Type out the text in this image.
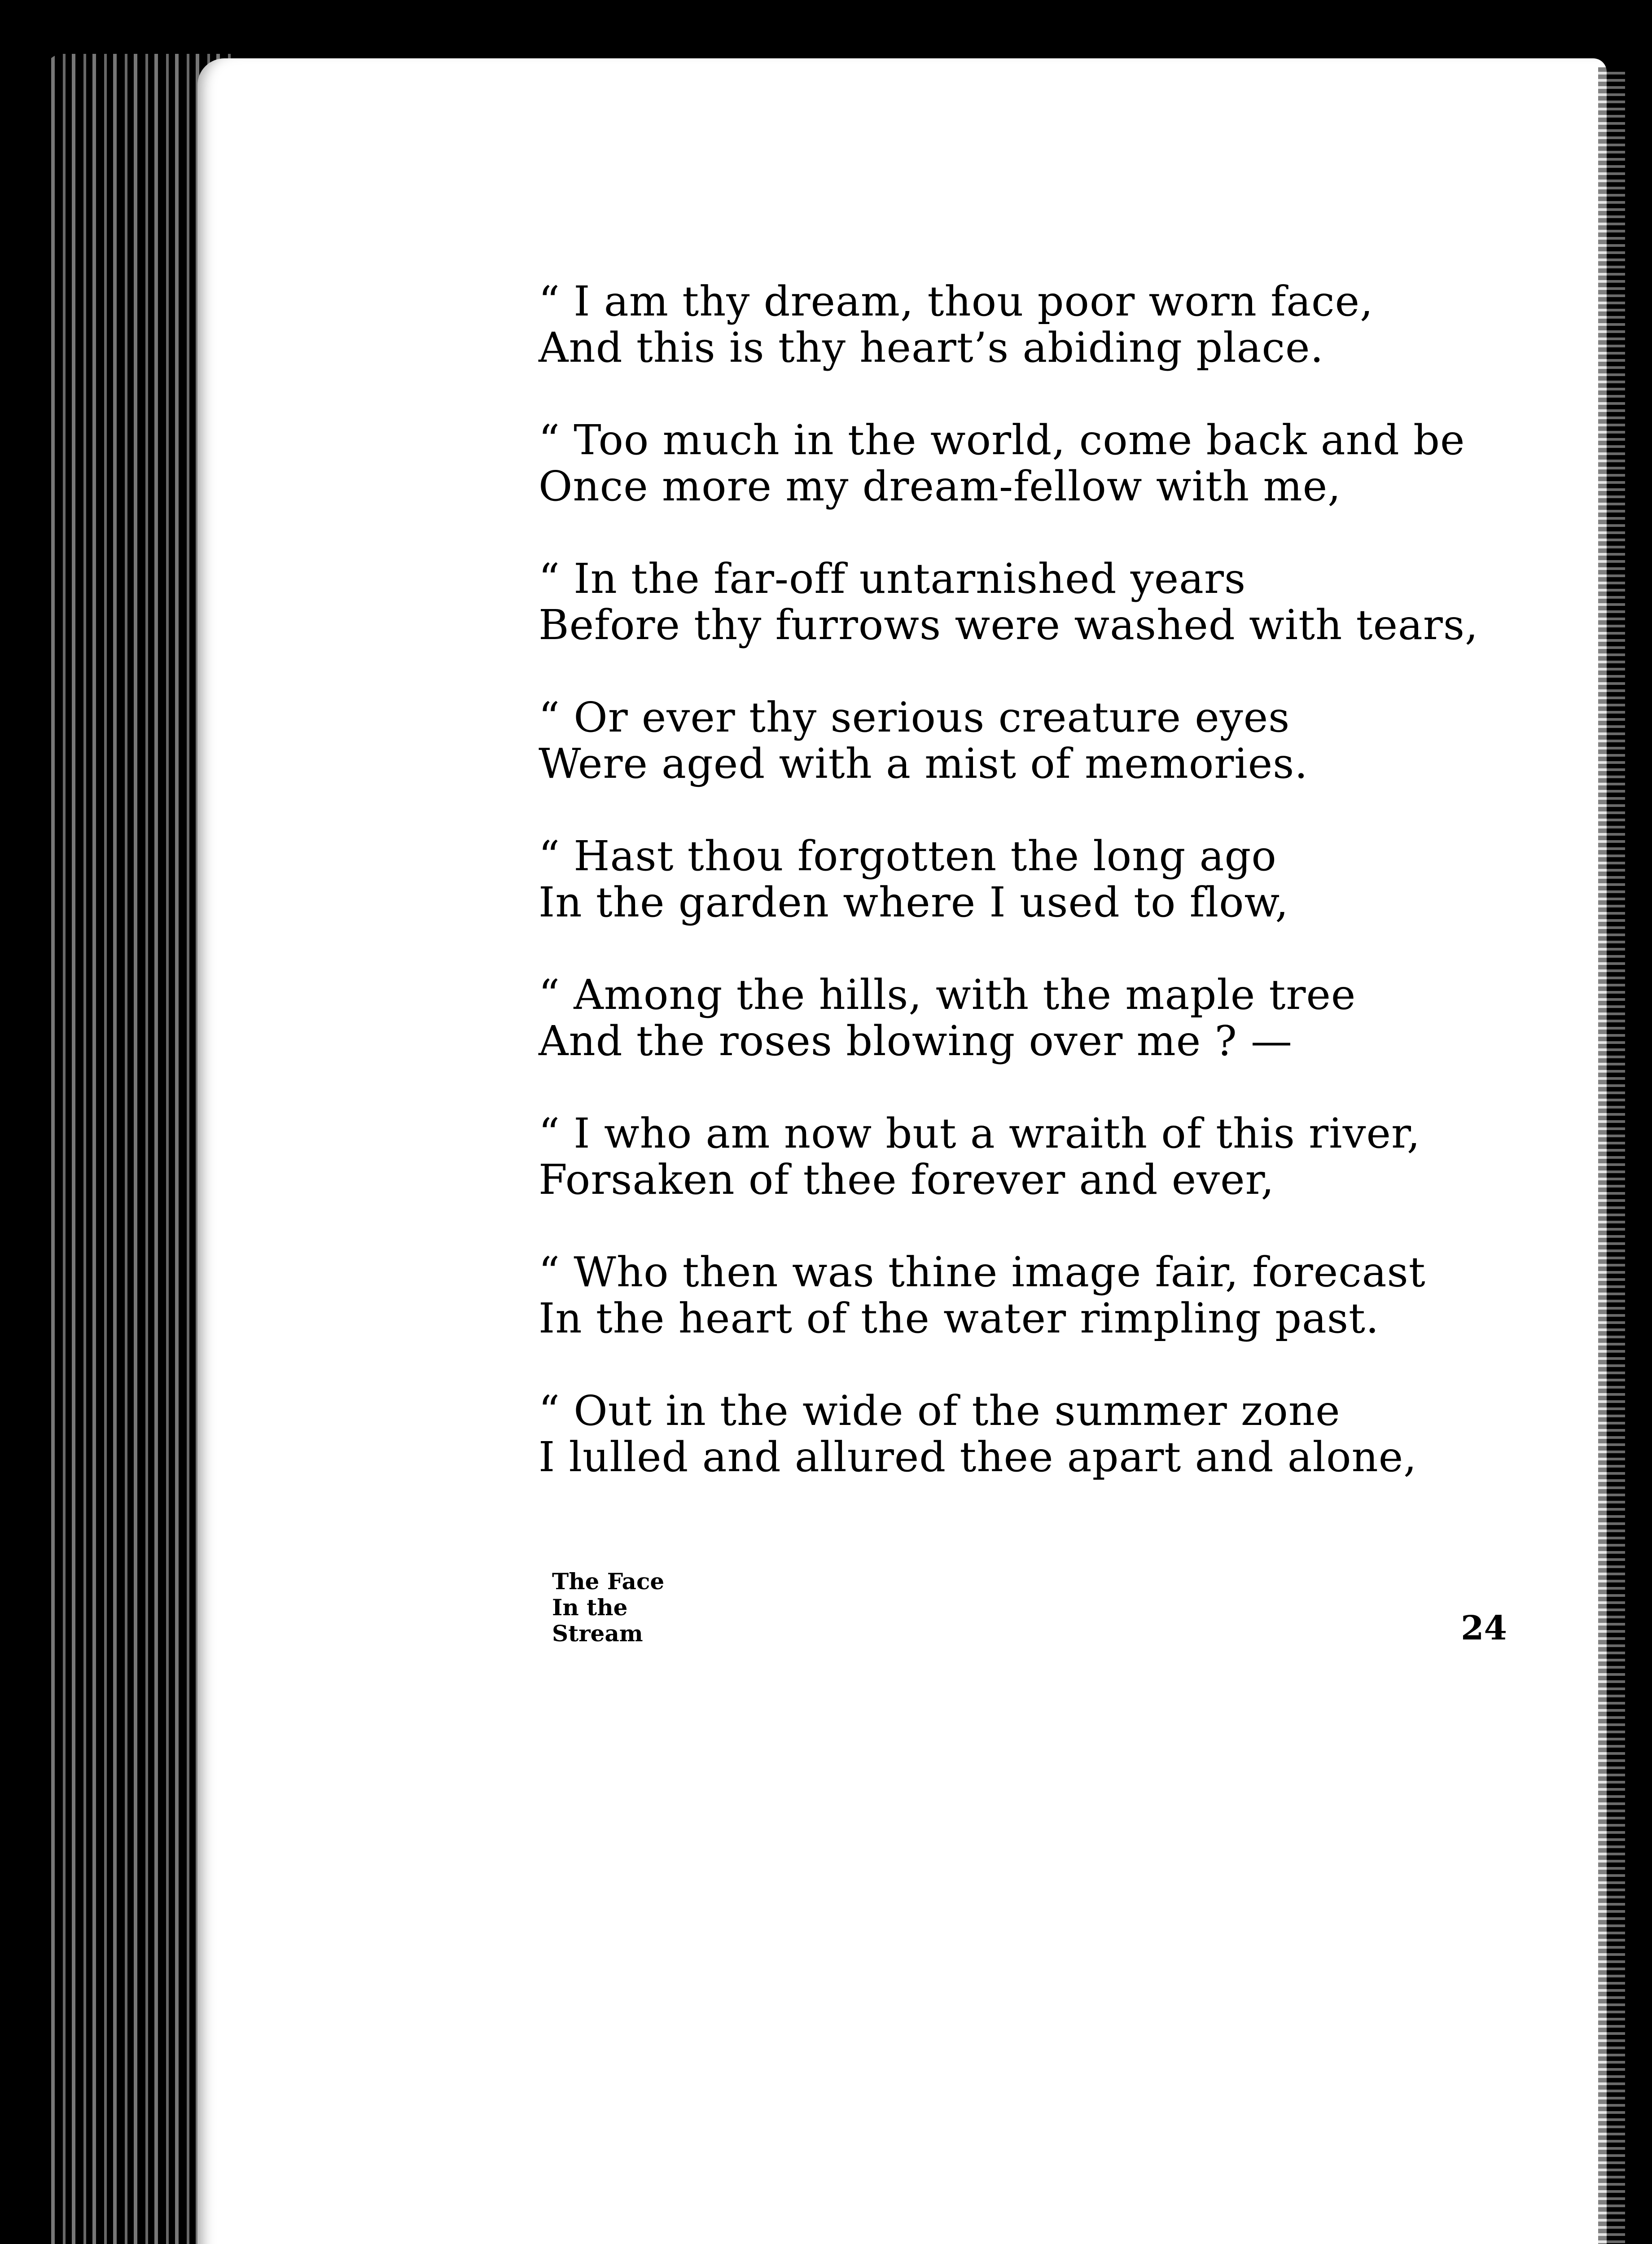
“ I am thy dream, thou poor worn face,
And this is thy heart’s abiding place.
“ Too much in the world, come back and be
Once more my dream-fellow with me,
“ In the far-off untarnished years
Before thy furrows were washed with tears,
“ Or ever thy serious creature eyes
Were aged with a mist of memories.
“ Hast thou forgotten the long ago
In the garden where I used to flow,
“ Among the hills, with the maple tree
And the roses blowing over me ? —
“ I who am now but a wraith of this river,
Forsaken of thee forever and ever,
“ Who then was thine image fair, forecast
In the heart of the water rimpling past.
“ Out in the wide of the summer zone
I lulled and allured thee apart and alone,
The Face
In the
Stream	24
